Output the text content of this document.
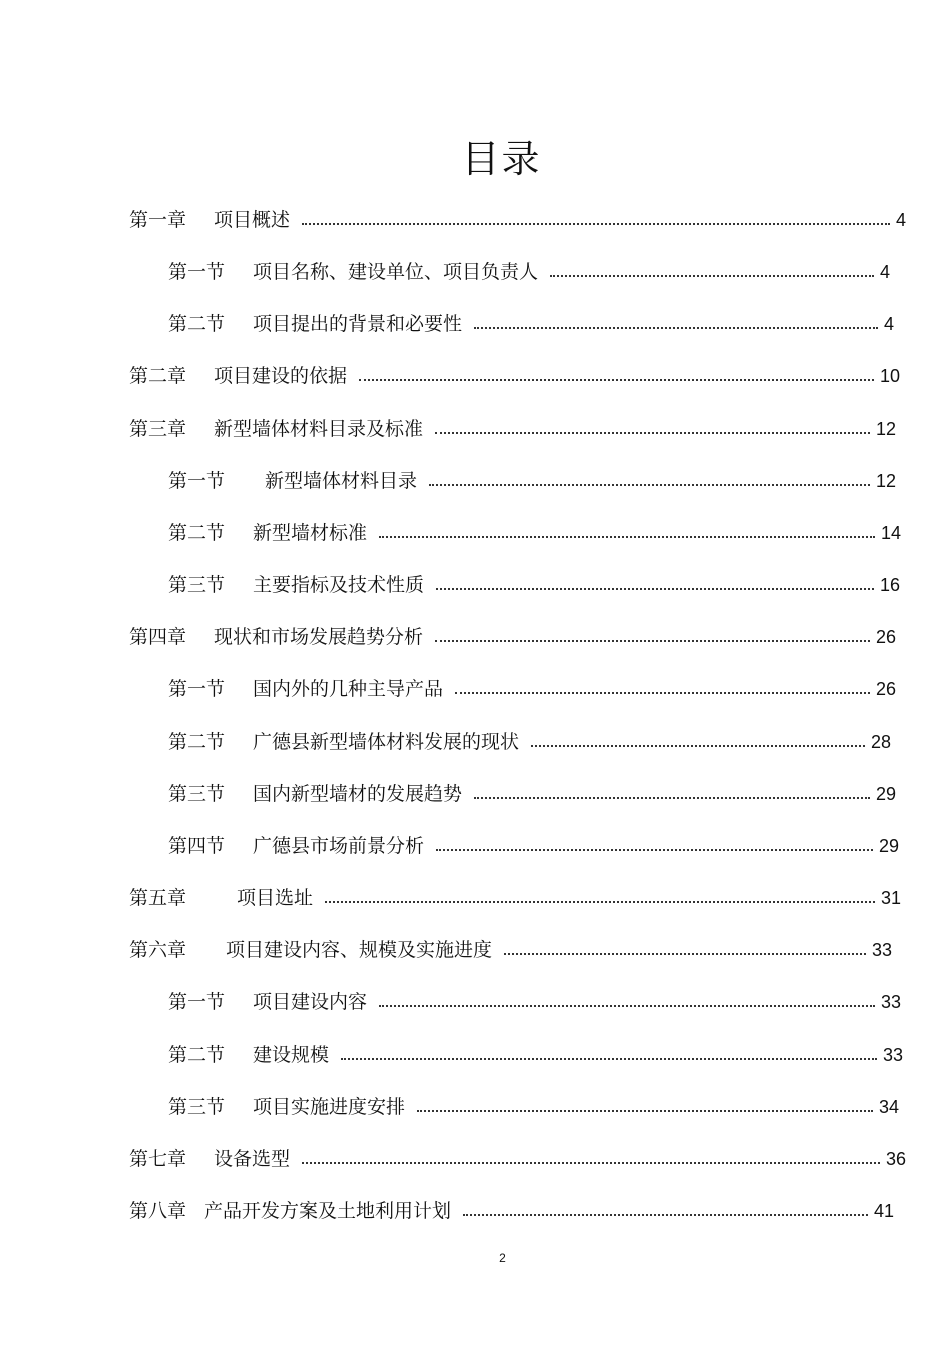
目录
第一章 项目概述	4
第一节 项目名称、建设单位、项目负责人	4
第二节 项目提出的背景和必要性	4
第二章 项目建设的依据	10
第三章 新型墙体材料目录及标准	12
第一节 新型墙体材料目录	12
第二节 新型墙材标准	14
第三节 主要指标及技术性质	16
第四章 现状和市场发展趋势分析	26
第一节 国内外的几种主导产品	26
第二节 广德县新型墙体材料发展的现状	28
第三节 国内新型墙材的发展趋势	29
第四节 广德县市场前景分析	29
第五章	项目选址	31
第六章 项目建设内容、规模及实施进度	33
第一节 项目建设内容	33
第二节 建设规模	33
第三节 项目实施进度安排	34
第七章 设备选型	36
第八章 产品开发方案及土地利用计划	41
2
